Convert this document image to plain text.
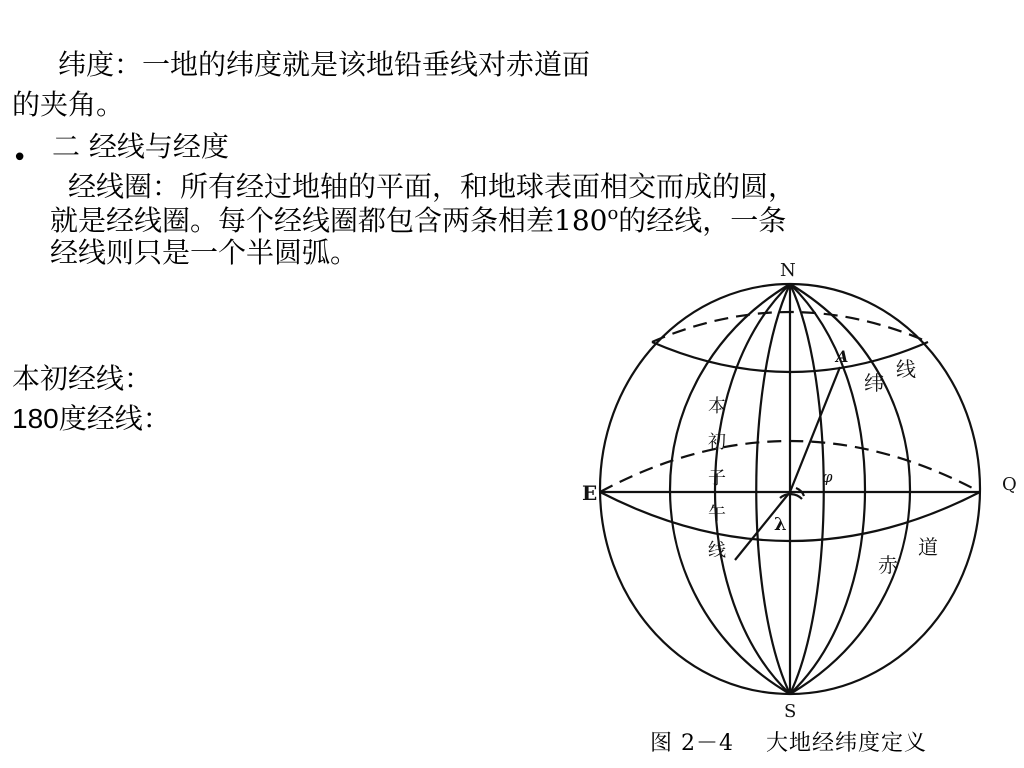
纬度：一地的纬度就是该地铅垂线对赤道面

的夹角。

• 二 经线与经度

经线圈：所有经过地轴的平面，和地球表面相交而成的圆，

就是经线圈。每个经线圈都包含两条相差180$^o$的经线，一条

经线则只是一个半圆弧。

本初经线：

180度经线：

N
S
E	Q
A
φ
λ
纬
线
赤
道
本
初
子
午
线
图 2－4 大地经纬度定义
